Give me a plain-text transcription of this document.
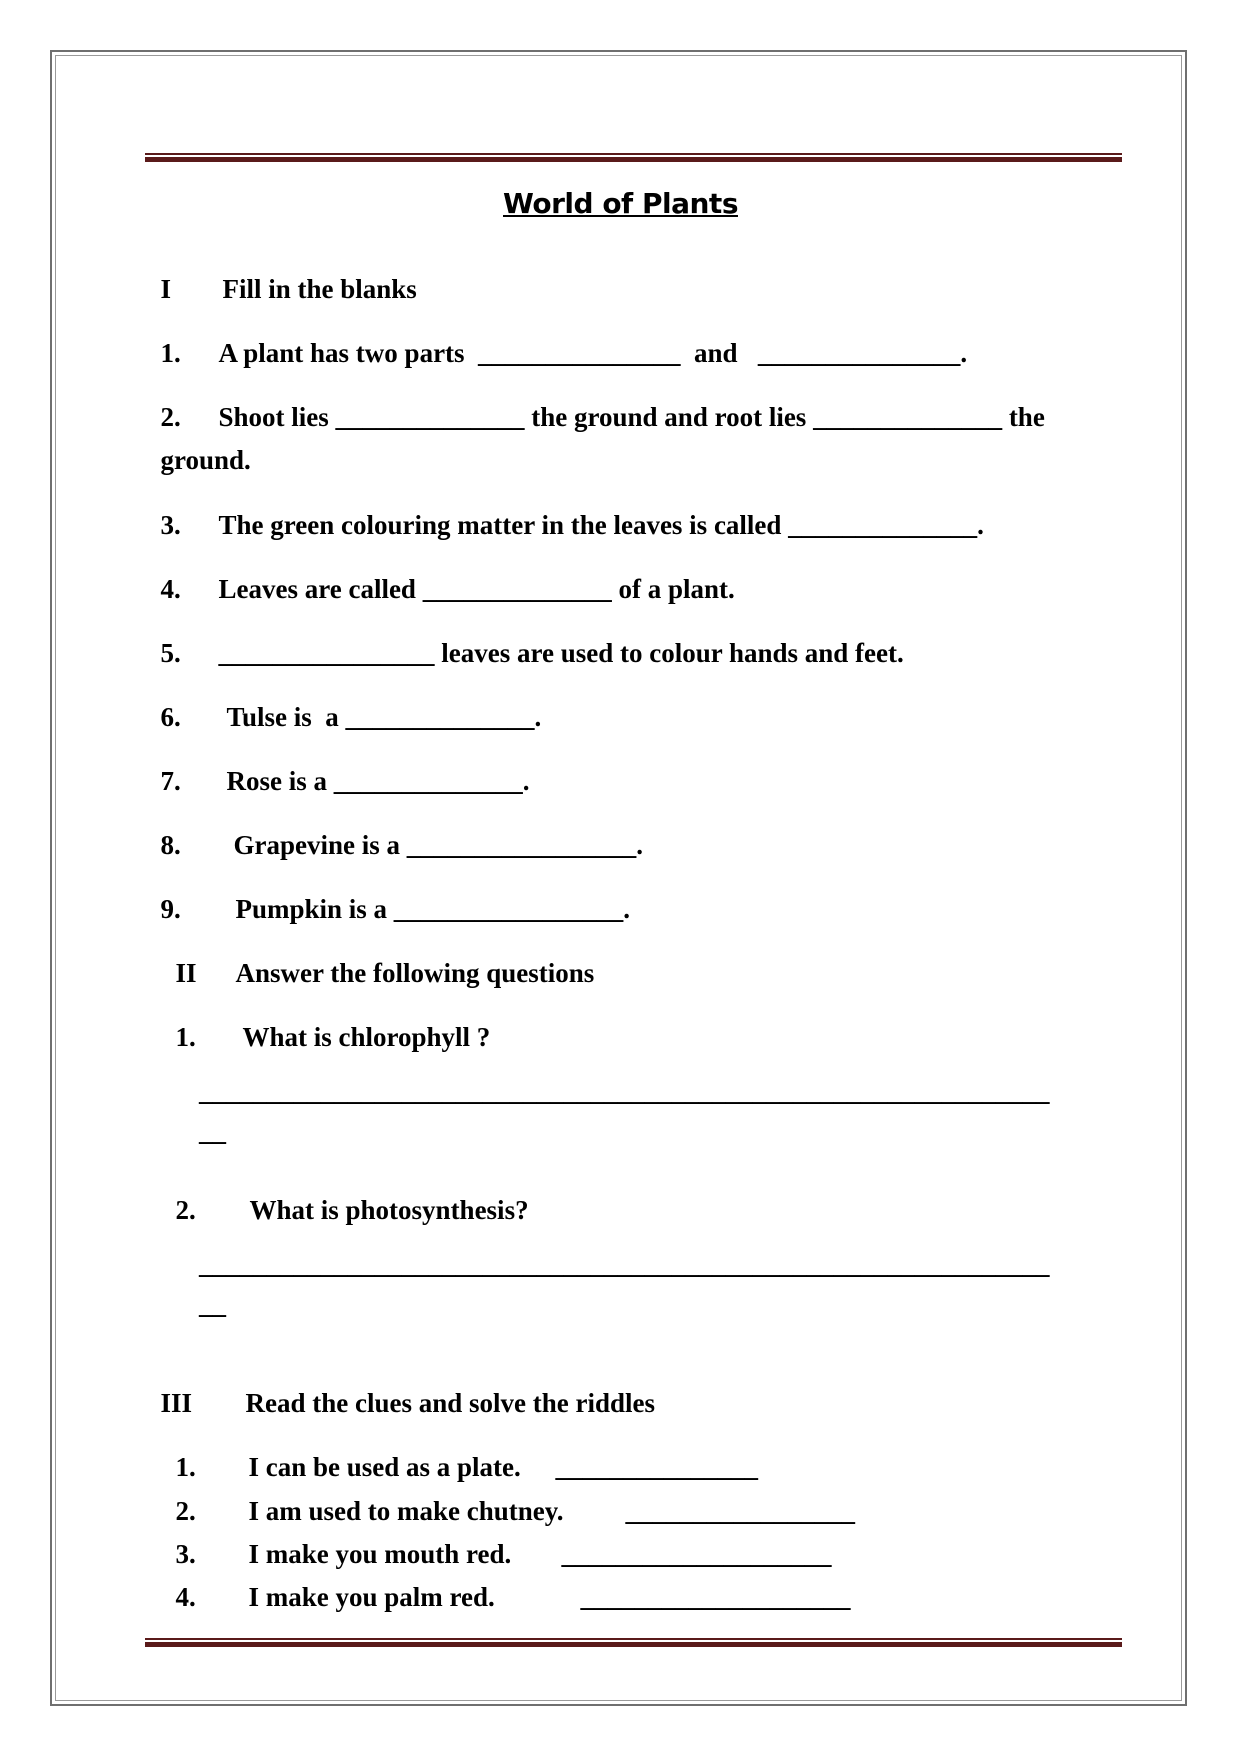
World of Plants

I Fill in the blanks

1. A plant has two parts  _______________  and   _______________.

2. Shoot lies ______________ the ground and root lies ______________ the

ground.

3. The green colouring matter in the leaves is called ______________.

4. Leaves are called ______________ of a plant.

5. ________________ leaves are used to colour hands and feet.

6. Tulse is  a ______________.

7. Rose is a ______________.

8. Grapevine is a _________________.

9. Pumpkin is a _________________.

II Answer the following questions

1. What is chlorophyll ?

_______________________________________________________________
__

2. What is photosynthesis?

_______________________________________________________________
__

III Read the clues and solve the riddles

1. I can be used as a plate. _______________

2. I am used to make chutney. _________________

3. I make you mouth red. ____________________

4. I make you palm red.	____________________
